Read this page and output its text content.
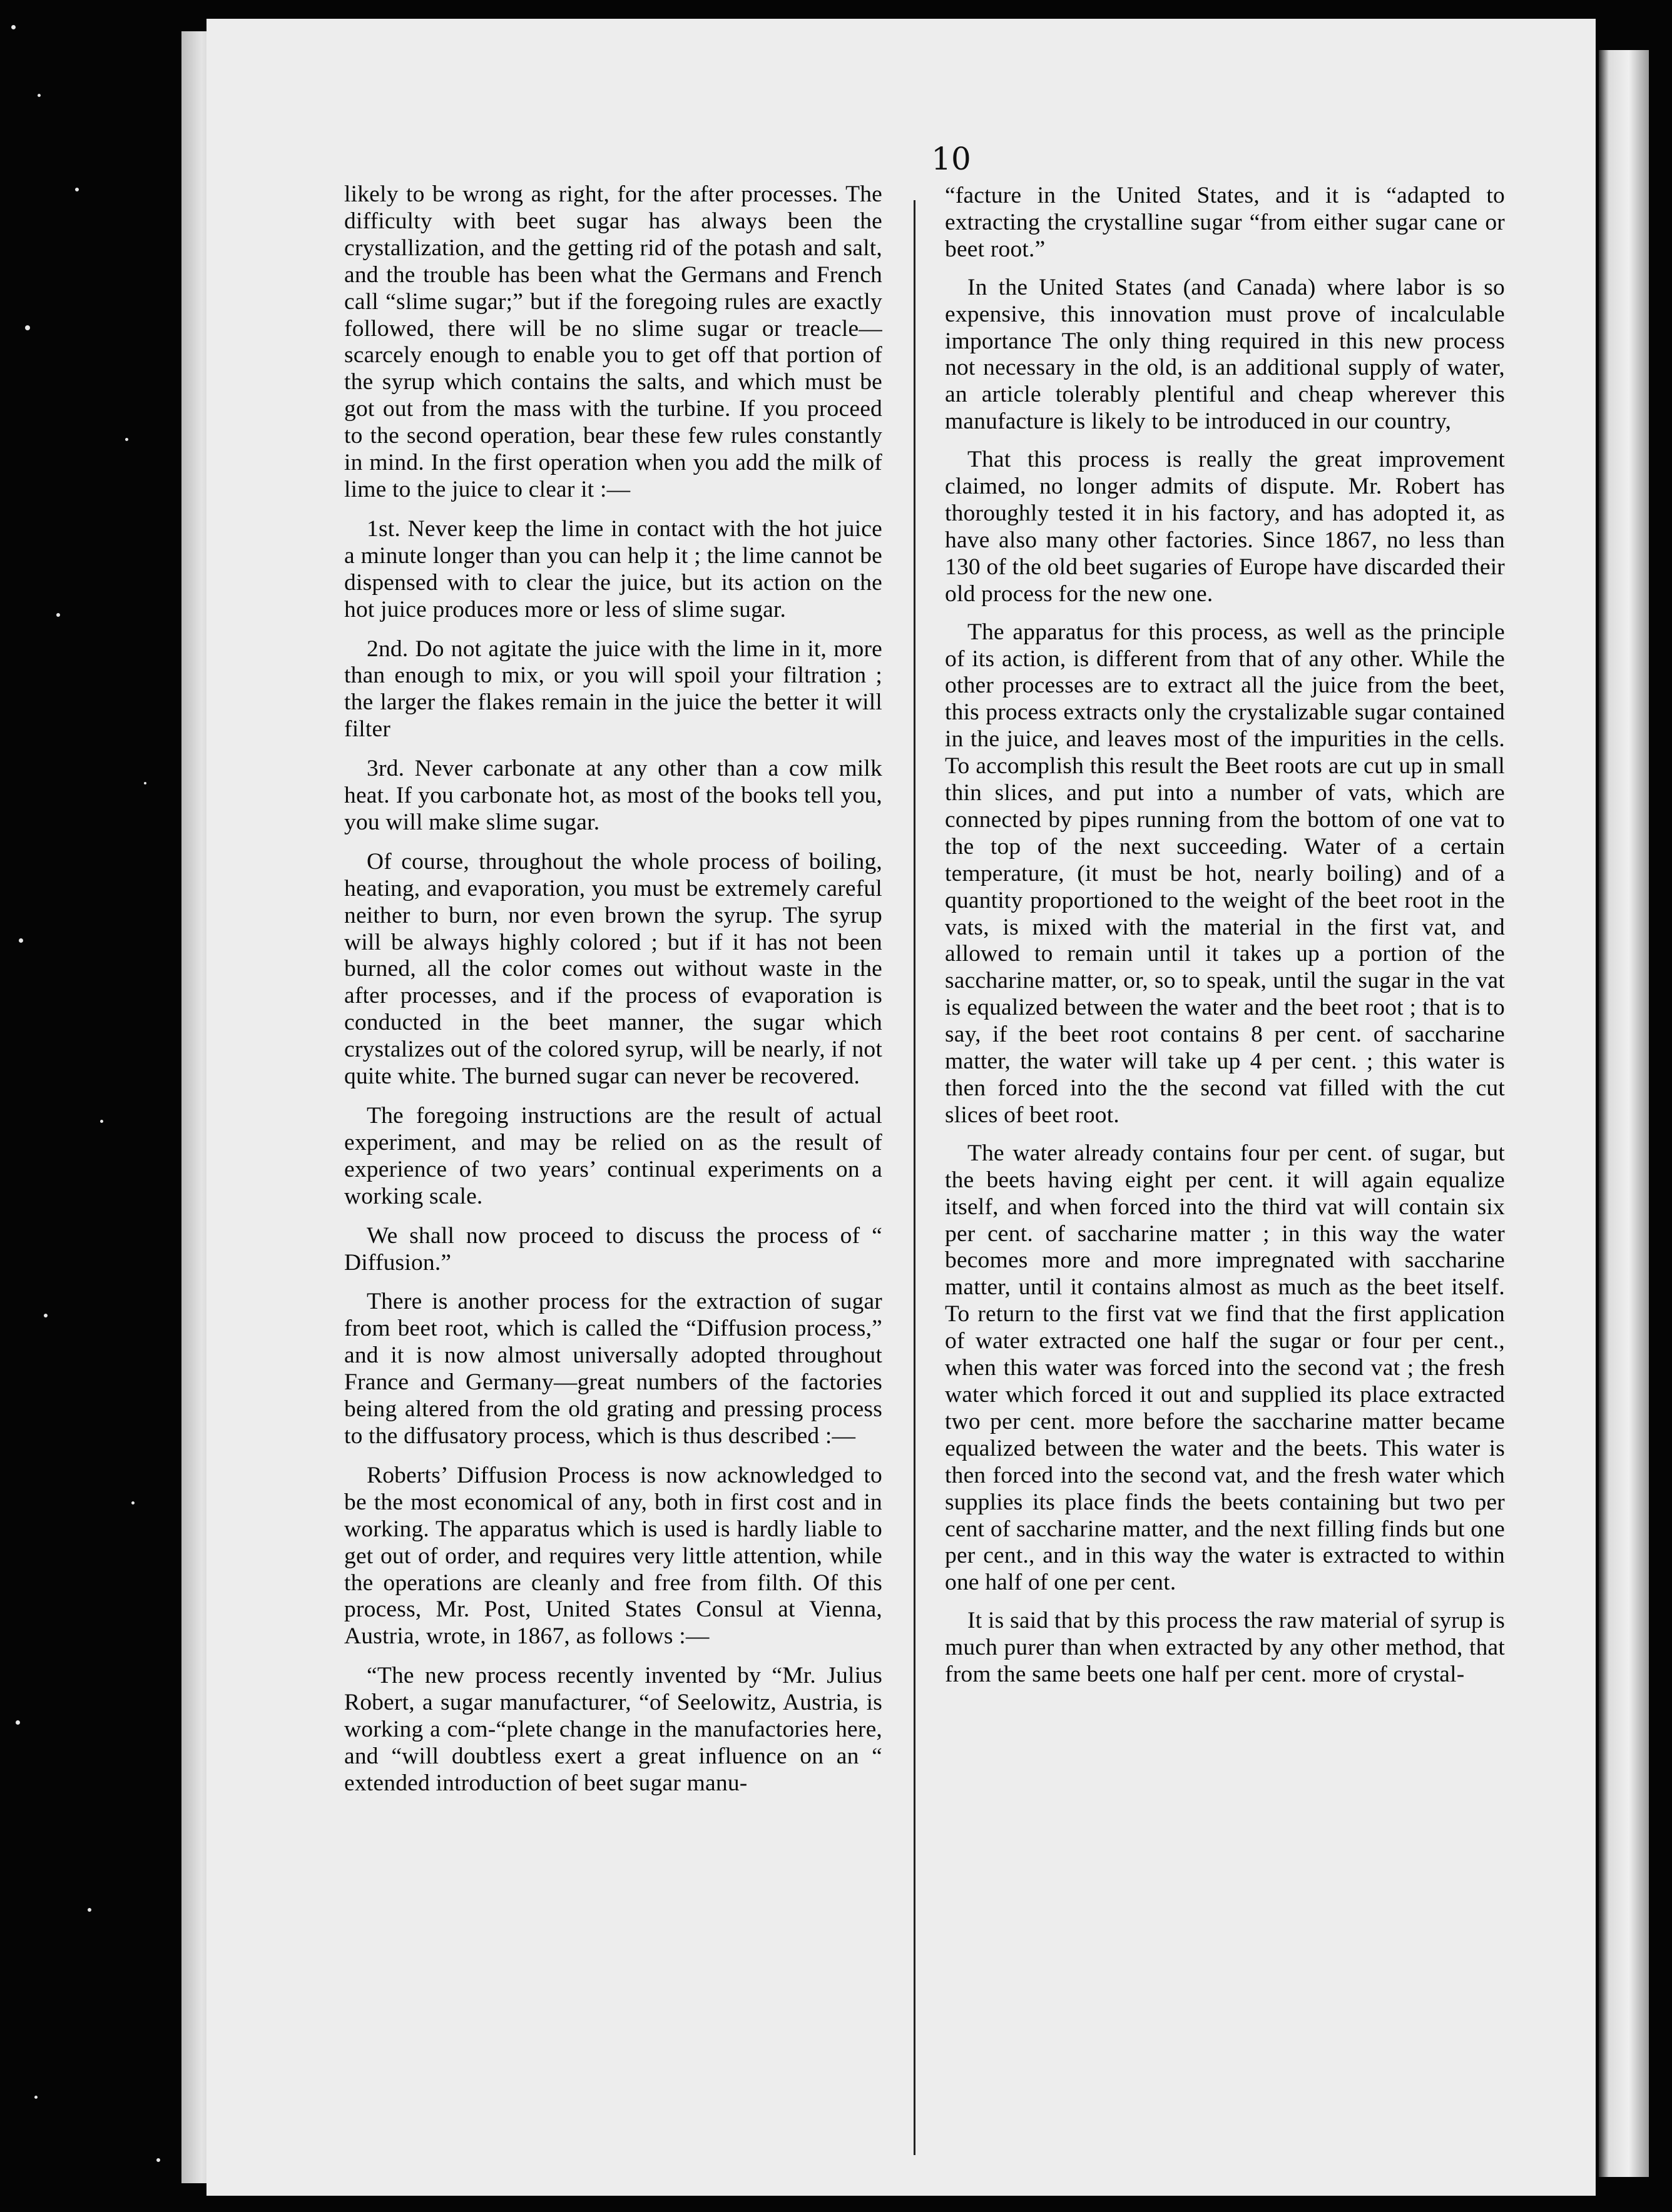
10

likely to be wrong as right, for the after processes. The difficulty with beet sugar has always been the crystallization, and the getting rid of the potash and salt, and the trouble has been what the Germans and French call “slime sugar;” but if the foregoing rules are exactly followed, there will be no slime sugar or treacle—scarcely enough to enable you to get off that portion of the syrup which contains the salts, and which must be got out from the mass with the turbine. If you proceed to the second operation, bear these few rules constantly in mind. In the first operation when you add the milk of lime to the juice to clear it :—

1st. Never keep the lime in contact with the hot juice a minute longer than you can help it ; the lime cannot be dispensed with to clear the juice, but its action on the hot juice produces more or less of slime sugar.

2nd. Do not agitate the juice with the lime in it, more than enough to mix, or you will spoil your filtration ; the larger the flakes remain in the juice the better it will filter

3rd. Never carbonate at any other than a cow milk heat. If you carbonate hot, as most of the books tell you, you will make slime sugar.

Of course, throughout the whole process of boiling, heating, and evaporation, you must be extremely careful neither to burn, nor even brown the syrup. The syrup will be always highly colored ; but if it has not been burned, all the color comes out without waste in the after processes, and if the process of evaporation is conducted in the beet manner, the sugar which crystalizes out of the colored syrup, will be nearly, if not quite white. The burned sugar can never be recovered.

The foregoing instructions are the result of actual experiment, and may be relied on as the result of experience of two years’ continual experiments on a working scale.

We shall now proceed to discuss the process of “ Diffusion.”

There is another process for the extraction of sugar from beet root, which is called the “Diffusion process,” and it is now almost universally adopted throughout France and Germany—great numbers of the factories being altered from the old grating and pressing process to the diffusatory process, which is thus described :—

Roberts’ Diffusion Process is now acknowledged to be the most economical of any, both in first cost and in working. The apparatus which is used is hardly liable to get out of order, and requires very little attention, while the operations are cleanly and free from filth. Of this process, Mr. Post, United States Consul at Vienna, Austria, wrote, in 1867, as follows :—

“The new process recently invented by “Mr. Julius Robert, a sugar manufacturer, “of Seelowitz, Austria, is working a com-“plete change in the manufactories here, and “will doubtless exert a great influence on an “ extended introduction of beet sugar manu-

“facture in the United States, and it is “adapted to extracting the crystalline sugar “from either sugar cane or beet root.”

In the United States (and Canada) where labor is so expensive, this innovation must prove of incalculable importance The only thing required in this new process not necessary in the old, is an additional supply of water, an article tolerably plentiful and cheap wherever this manufacture is likely to be introduced in our country,

That this process is really the great improvement claimed, no longer admits of dispute. Mr. Robert has thoroughly tested it in his factory, and has adopted it, as have also many other factories. Since 1867, no less than 130 of the old beet sugaries of Europe have discarded their old process for the new one.

The apparatus for this process, as well as the principle of its action, is different from that of any other. While the other processes are to extract all the juice from the beet, this process extracts only the crystalizable sugar contained in the juice, and leaves most of the impurities in the cells. To accomplish this result the Beet roots are cut up in small thin slices, and put into a number of vats, which are connected by pipes running from the bottom of one vat to the top of the next succeeding. Water of a certain temperature, (it must be hot, nearly boiling) and of a quantity proportioned to the weight of the beet root in the vats, is mixed with the material in the first vat, and allowed to remain until it takes up a portion of the saccharine matter, or, so to speak, until the sugar in the vat is equalized between the water and the beet root ; that is to say, if the beet root contains 8 per cent. of saccharine matter, the water will take up 4 per cent. ; this water is then forced into the the second vat filled with the cut slices of beet root.

The water already contains four per cent. of sugar, but the beets having eight per cent. it will again equalize itself, and when forced into the third vat will contain six per cent. of saccharine matter ; in this way the water becomes more and more impregnated with saccharine matter, until it contains almost as much as the beet itself. To return to the first vat we find that the first application of water extracted one half the sugar or four per cent., when this water was forced into the second vat ; the fresh water which forced it out and supplied its place extracted two per cent. more before the saccharine matter became equalized between the water and the beets. This water is then forced into the second vat, and the fresh water which supplies its place finds the beets containing but two per cent of saccharine matter, and the next filling finds but one per cent., and in this way the water is extracted to within one half of one per cent.

It is said that by this process the raw material of syrup is much purer than when extracted by any other method, that from the same beets one half per cent. more of crystal-
